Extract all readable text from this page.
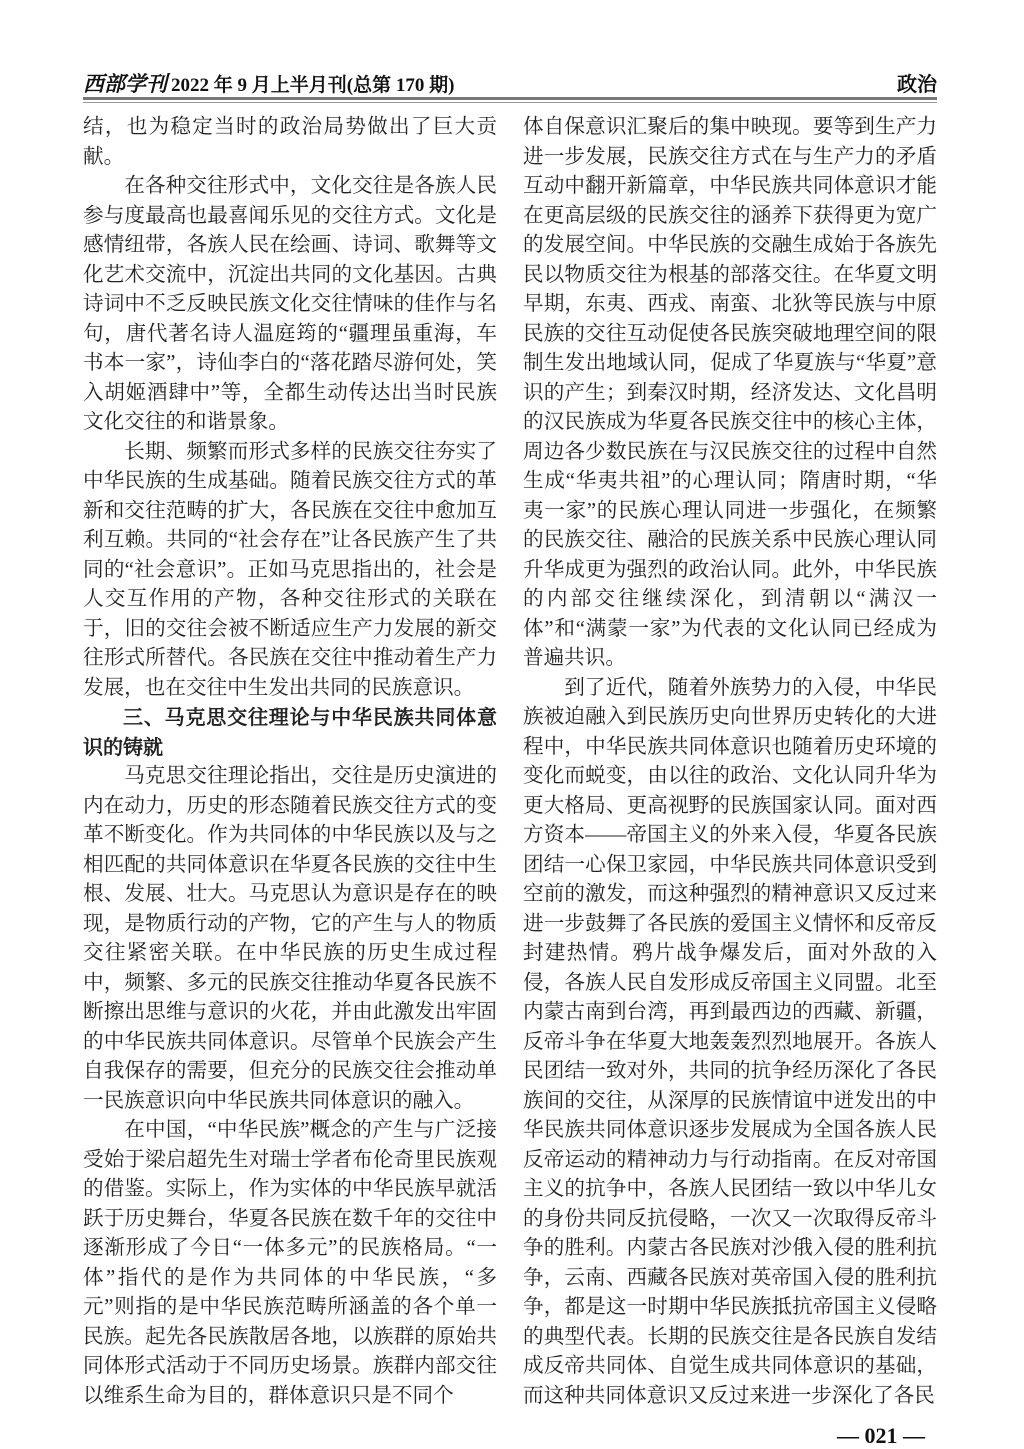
西部学刊 2022 年 9 月上半月刊(总第 170 期)	政治

结，也为稳定当时的政治局势做出了巨大贡献。

在各种交往形式中，文化交往是各族人民参与度最高也最喜闻乐见的交往方式。文化是感情纽带，各族人民在绘画、诗词、歌舞等文化艺术交流中，沉淀出共同的文化基因。古典诗词中不乏反映民族文化交往情味的佳作与名句，唐代著名诗人温庭筠的“疆理虽重海，车书本一家”，诗仙李白的“落花踏尽游何处，笑入胡姬酒肆中”等，全都生动传达出当时民族文化交往的和谐景象。

长期、频繁而形式多样的民族交往夯实了中华民族的生成基础。随着民族交往方式的革新和交往范畴的扩大，各民族在交往中愈加互利互赖。共同的“社会存在”让各民族产生了共同的“社会意识”。正如马克思指出的，社会是人交互作用的产物，各种交往形式的关联在于，旧的交往会被不断适应生产力发展的新交往形式所替代。各民族在交往中推动着生产力发展，也在交往中生发出共同的民族意识。

三、马克思交往理论与中华民族共同体意识的铸就

马克思交往理论指出，交往是历史演进的内在动力，历史的形态随着民族交往方式的变革不断变化。作为共同体的中华民族以及与之相匹配的共同体意识在华夏各民族的交往中生根、发展、壮大。马克思认为意识是存在的映现，是物质行动的产物，它的产生与人的物质交往紧密关联。在中华民族的历史生成过程中，频繁、多元的民族交往推动华夏各民族不断擦出思维与意识的火花，并由此激发出牢固的中华民族共同体意识。尽管单个民族会产生自我保存的需要，但充分的民族交往会推动单一民族意识向中华民族共同体意识的融入。

在中国，“中华民族”概念的产生与广泛接受始于梁启超先生对瑞士学者布伦奇里民族观的借鉴。实际上，作为实体的中华民族早就活跃于历史舞台，华夏各民族在数千年的交往中逐渐形成了今日“一体多元”的民族格局。“一体”指代的是作为共同体的中华民族，“多元”则指的是中华民族范畴所涵盖的各个单一民族。起先各民族散居各地，以族群的原始共同体形式活动于不同历史场景。族群内部交往以维系生命为目的，群体意识只是不同个

体自保意识汇聚后的集中映现。要等到生产力进一步发展，民族交往方式在与生产力的矛盾互动中翻开新篇章，中华民族共同体意识才能在更高层级的民族交往的涵养下获得更为宽广的发展空间。中华民族的交融生成始于各族先民以物质交往为根基的部落交往。在华夏文明早期，东夷、西戎、南蛮、北狄等民族与中原民族的交往互动促使各民族突破地理空间的限制生发出地域认同，促成了华夏族与“华夏”意识的产生；到秦汉时期，经济发达、文化昌明的汉民族成为华夏各民族交往中的核心主体，周边各少数民族在与汉民族交往的过程中自然生成“华夷共祖”的心理认同；隋唐时期，“华夷一家”的民族心理认同进一步强化，在频繁的民族交往、融洽的民族关系中民族心理认同升华成更为强烈的政治认同。此外，中华民族的内部交往继续深化，到清朝以“满汉一体”和“满蒙一家”为代表的文化认同已经成为普遍共识。

到了近代，随着外族势力的入侵，中华民族被迫融入到民族历史向世界历史转化的大进程中，中华民族共同体意识也随着历史环境的变化而蜕变，由以往的政治、文化认同升华为更大格局、更高视野的民族国家认同。面对西方资本——帝国主义的外来入侵，华夏各民族团结一心保卫家园，中华民族共同体意识受到空前的激发，而这种强烈的精神意识又反过来进一步鼓舞了各民族的爱国主义情怀和反帝反封建热情。鸦片战争爆发后，面对外敌的入侵，各族人民自发形成反帝国主义同盟。北至内蒙古南到台湾，再到最西边的西藏、新疆，反帝斗争在华夏大地轰轰烈烈地展开。各族人民团结一致对外，共同的抗争经历深化了各民族间的交往，从深厚的民族情谊中迸发出的中华民族共同体意识逐步发展成为全国各族人民反帝运动的精神动力与行动指南。在反对帝国主义的抗争中，各族人民团结一致以中华儿女的身份共同反抗侵略，一次又一次取得反帝斗争的胜利。内蒙古各民族对沙俄入侵的胜利抗争，云南、西藏各民族对英帝国入侵的胜利抗争，都是这一时期中华民族抵抗帝国主义侵略的典型代表。长期的民族交往是各民族自发结成反帝共同体、自觉生成共同体意识的基础，而这种共同体意识又反过来进一步深化了各民

— 021 —
